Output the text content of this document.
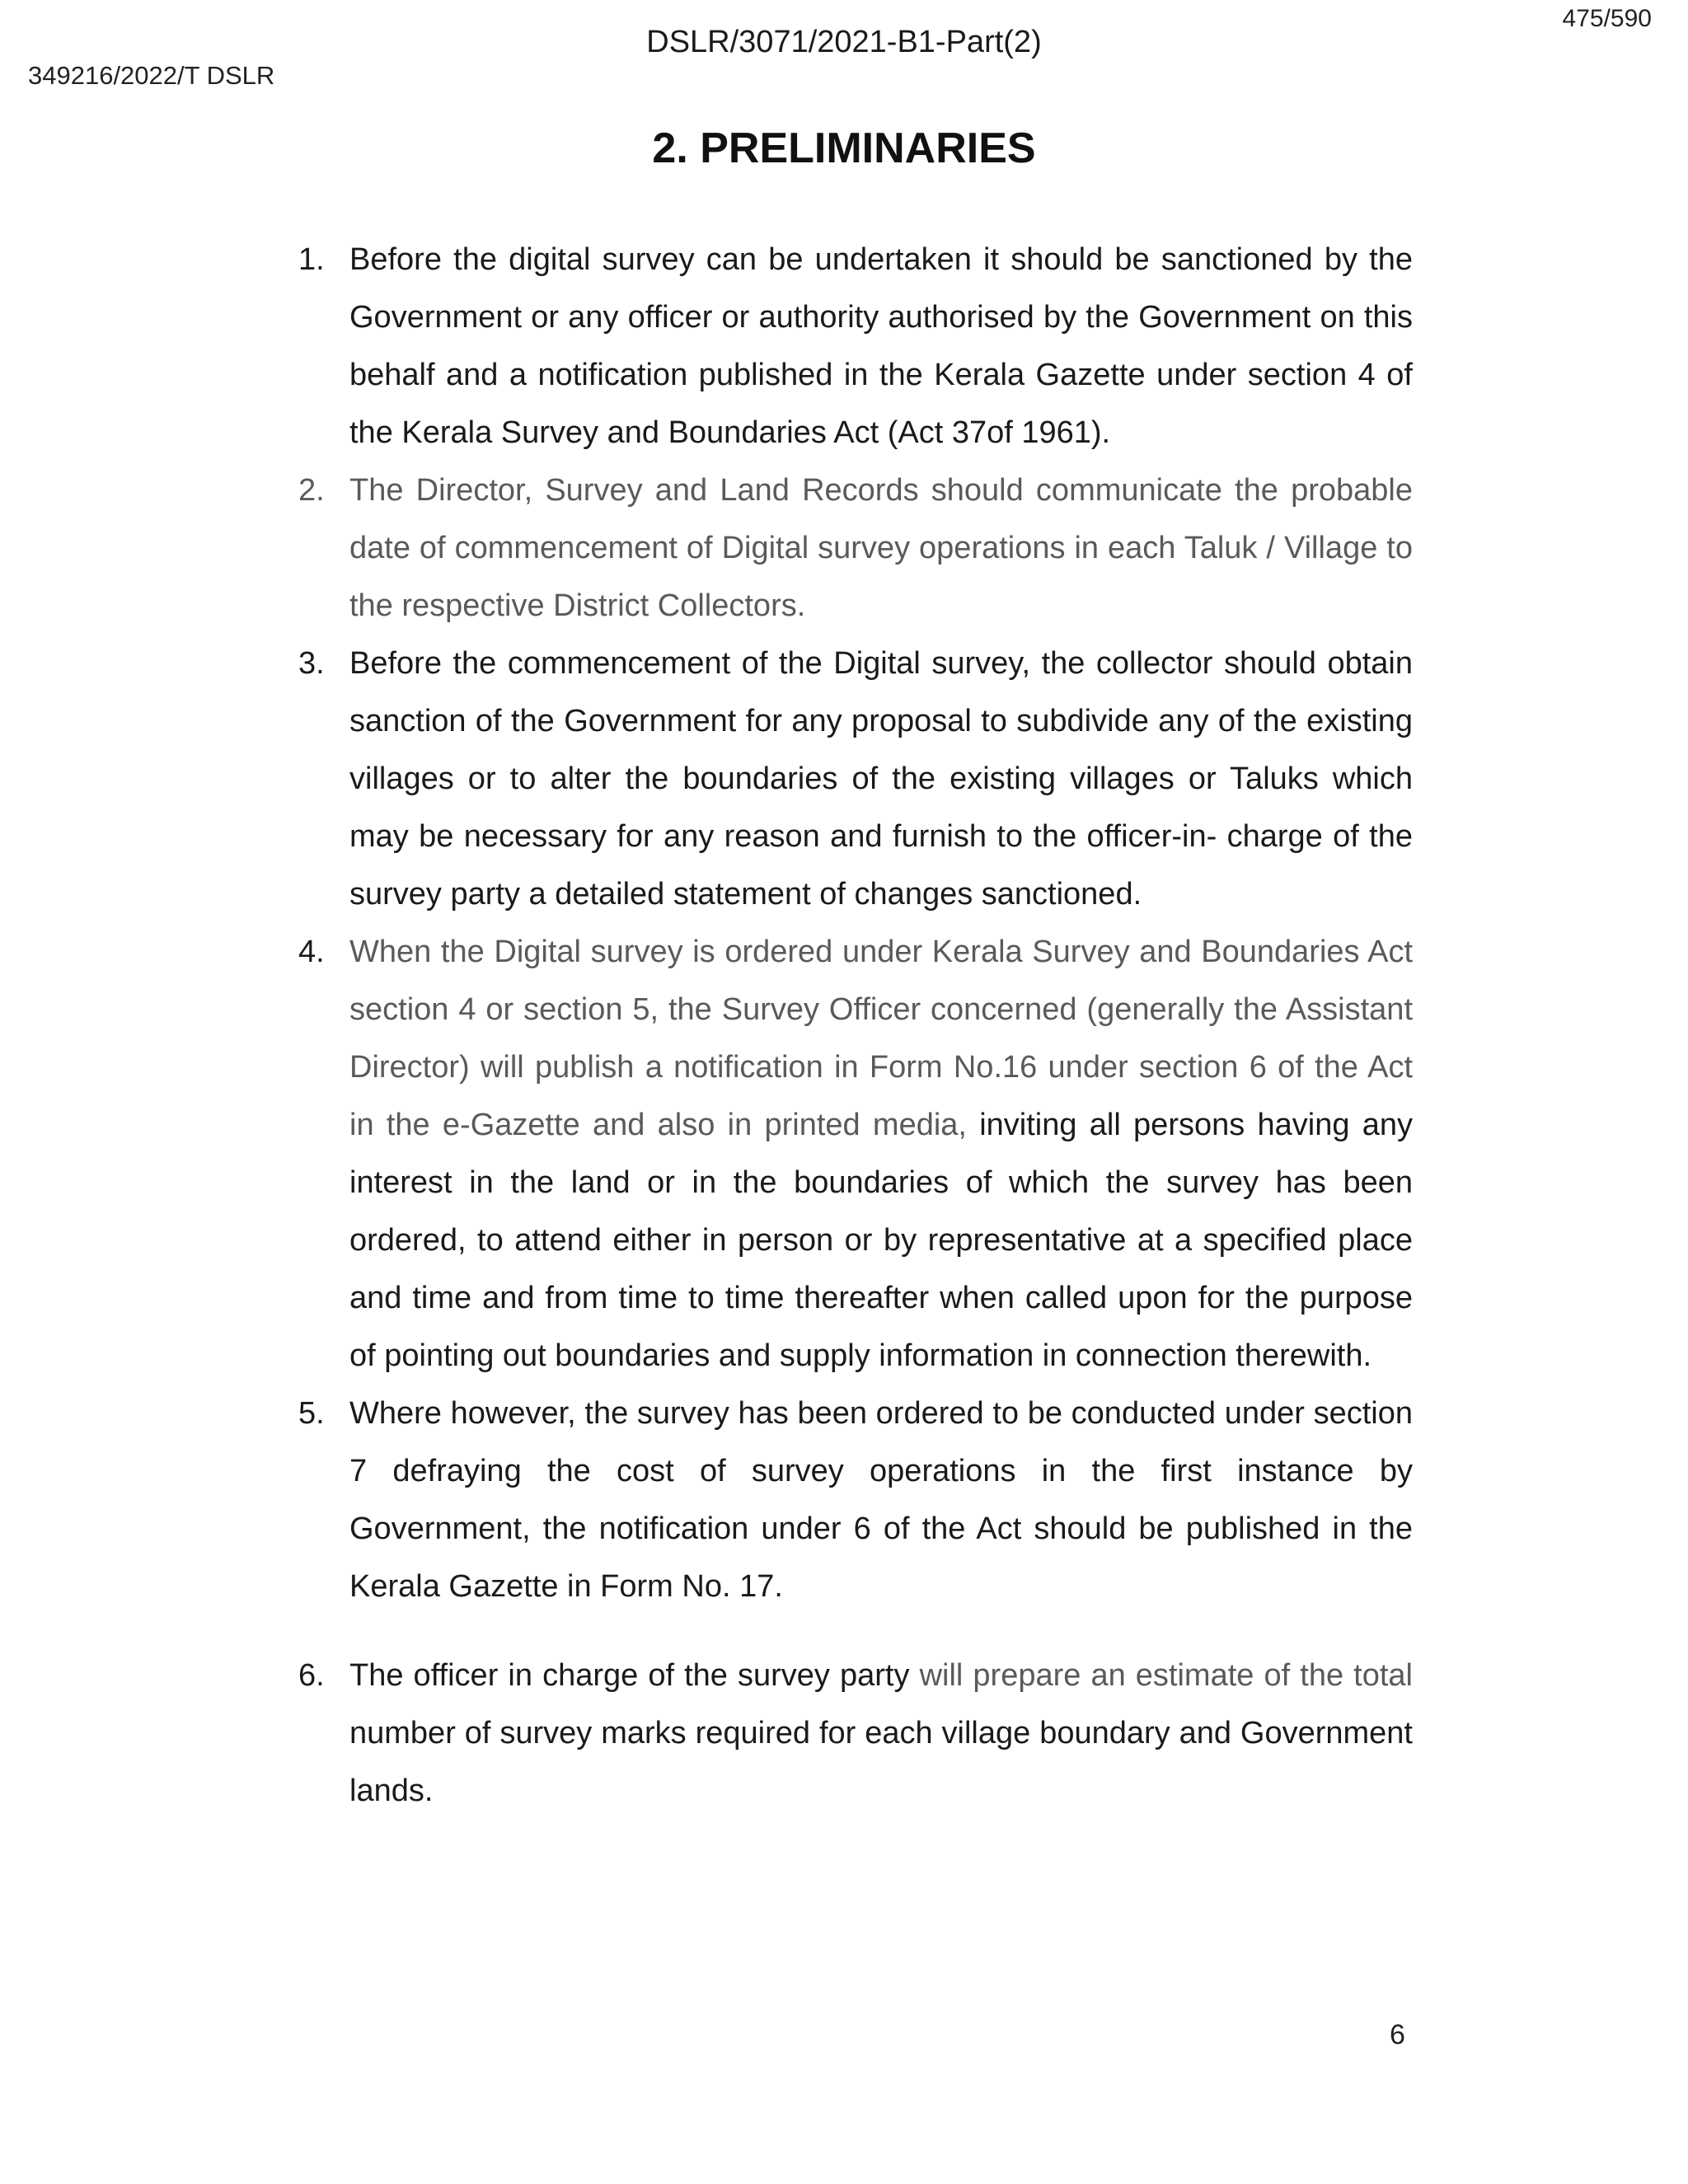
DSLR/3071/2021-B1-Part(2)
475/590
349216/2022/T DSLR
2. PRELIMINARIES
1. Before the digital survey can be undertaken it should be sanctioned by the Government or any officer or authority authorised by the Government on this behalf and a notification published in the Kerala Gazette under section 4 of the Kerala Survey and Boundaries Act (Act 37of 1961).
2. The Director, Survey and Land Records should communicate the probable date of commencement of Digital survey operations in each Taluk / Village to the respective District Collectors.
3. Before the commencement of the Digital survey, the collector should obtain sanction of the Government for any proposal to subdivide any of the existing villages or to alter the boundaries of the existing villages or Taluks which may be necessary for any reason and furnish to the officer-in- charge of the survey party a detailed statement of changes sanctioned.
4. When the Digital survey is ordered under Kerala Survey and Boundaries Act section 4 or section 5, the Survey Officer concerned (generally the Assistant Director) will publish a notification in Form No.16 under section 6 of the Act in the e-Gazette and also in printed media, inviting all persons having any interest in the land or in the boundaries of which the survey has been ordered, to attend either in person or by representative at a specified place and time and from time to time thereafter when called upon for the purpose of pointing out boundaries and supply information in connection therewith.
5. Where however, the survey has been ordered to be conducted under section 7 defraying the cost of survey operations in the first instance by Government, the notification under 6 of the Act should be published in the Kerala Gazette in Form No. 17.
6. The officer in charge of the survey party will prepare an estimate of the total number of survey marks required for each village boundary and Government lands.
6
